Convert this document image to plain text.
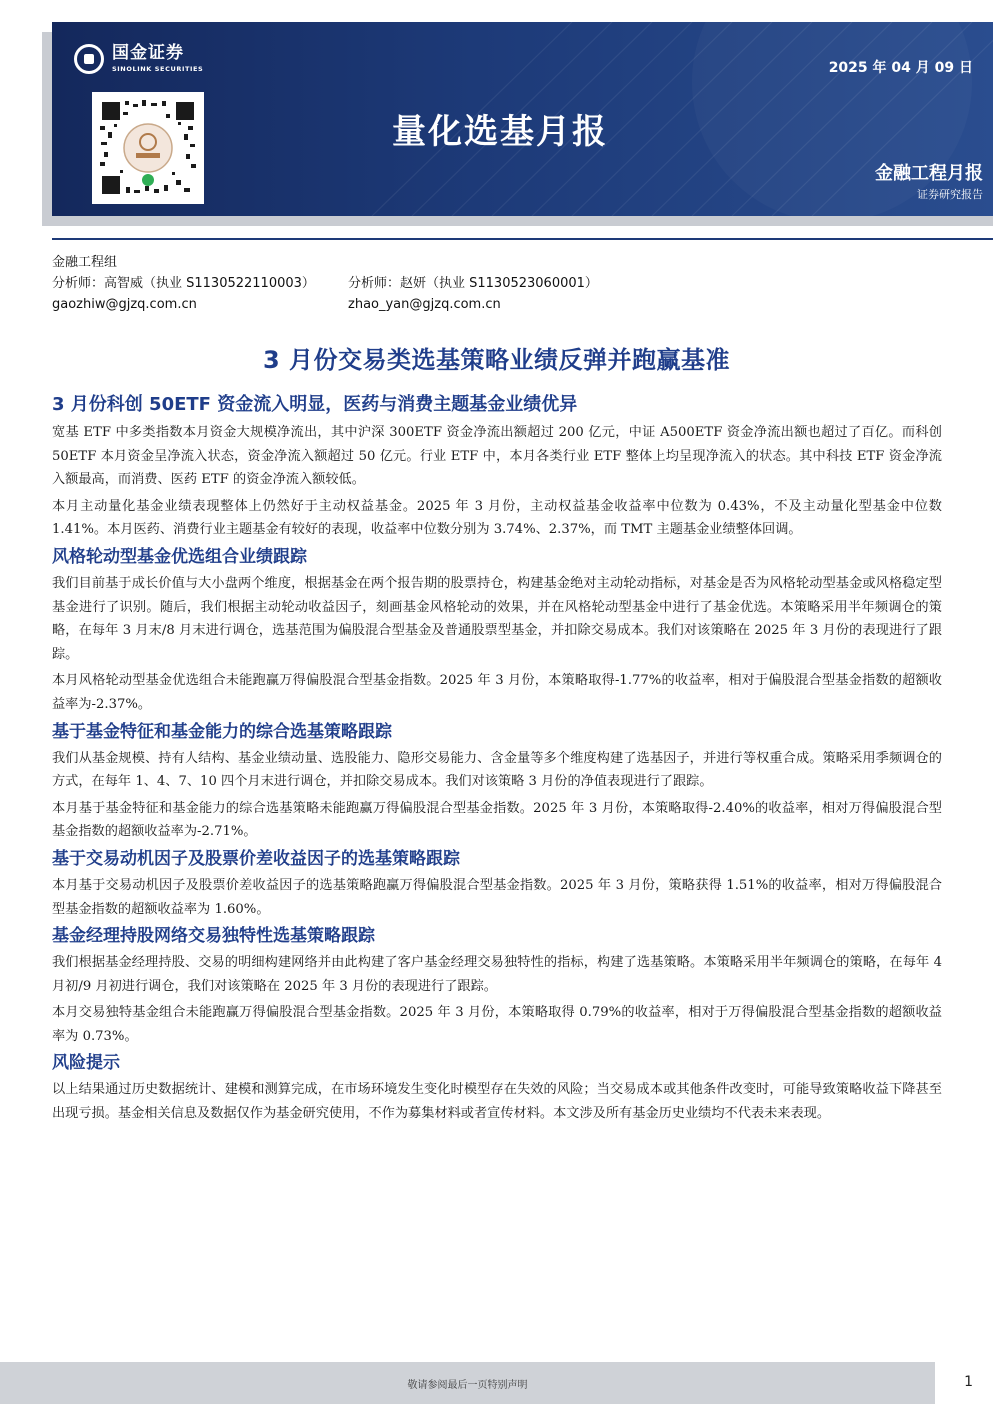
国金证券
SINOLINK SECURITIES
量化选基月报
2025 年 04 月 09 日
金融工程月报
证券研究报告
金融工程组
分析师：高智威（执业 S1130522110003）	分析师：赵妍（执业 S1130523060001）
gaozhiw@gjzq.com.cn	zhao_yan@gjzq.com.cn
3 月份交易类选基策略业绩反弹并跑赢基准
3 月份科创 50ETF 资金流入明显，医药与消费主题基金业绩优异

宽基 ETF 中多类指数本月资金大规模净流出，其中沪深 300ETF 资金净流出额超过 200 亿元，中证 A500ETF 资金净流出额也超过了百亿。而科创 50ETF 本月资金呈净流入状态，资金净流入额超过 50 亿元。行业 ETF 中，本月各类行业 ETF 整体上均呈现净流入的状态。其中科技 ETF 资金净流入额最高，而消费、医药 ETF 的资金净流入额较低。

本月主动量化基金业绩表现整体上仍然好于主动权益基金。2025 年 3 月份，主动权益基金收益率中位数为 0.43%，不及主动量化型基金中位数 1.41%。本月医药、消费行业主题基金有较好的表现，收益率中位数分别为 3.74%、2.37%，而 TMT 主题基金业绩整体回调。

风格轮动型基金优选组合业绩跟踪

我们目前基于成长价值与大小盘两个维度，根据基金在两个报告期的股票持仓，构建基金绝对主动轮动指标，对基金是否为风格轮动型基金或风格稳定型基金进行了识别。随后，我们根据主动轮动收益因子，刻画基金风格轮动的效果，并在风格轮动型基金中进行了基金优选。本策略采用半年频调仓的策略，在每年 3 月末/8 月末进行调仓，选基范围为偏股混合型基金及普通股票型基金，并扣除交易成本。我们对该策略在 2025 年 3 月份的表现进行了跟踪。

本月风格轮动型基金优选组合未能跑赢万得偏股混合型基金指数。2025 年 3 月份，本策略取得-1.77%的收益率，相对于偏股混合型基金指数的超额收益率为-2.37%。

基于基金特征和基金能力的综合选基策略跟踪

我们从基金规模、持有人结构、基金业绩动量、选股能力、隐形交易能力、含金量等多个维度构建了选基因子，并进行等权重合成。策略采用季频调仓的方式，在每年 1、4、7、10 四个月末进行调仓，并扣除交易成本。我们对该策略 3 月份的净值表现进行了跟踪。

本月基于基金特征和基金能力的综合选基策略未能跑赢万得偏股混合型基金指数。2025 年 3 月份，本策略取得-2.40%的收益率，相对万得偏股混合型基金指数的超额收益率为-2.71%。

基于交易动机因子及股票价差收益因子的选基策略跟踪

本月基于交易动机因子及股票价差收益因子的选基策略跑赢万得偏股混合型基金指数。2025 年 3 月份，策略获得 1.51%的收益率，相对万得偏股混合型基金指数的超额收益率为 1.60%。

基金经理持股网络交易独特性选基策略跟踪

我们根据基金经理持股、交易的明细构建网络并由此构建了客户基金经理交易独特性的指标，构建了选基策略。本策略采用半年频调仓的策略，在每年 4 月初/9 月初进行调仓，我们对该策略在 2025 年 3 月份的表现进行了跟踪。

本月交易独特基金组合未能跑赢万得偏股混合型基金指数。2025 年 3 月份，本策略取得 0.79%的收益率，相对于万得偏股混合型基金指数的超额收益率为 0.73%。

风险提示

以上结果通过历史数据统计、建模和测算完成，在市场环境发生变化时模型存在失效的风险；当交易成本或其他条件改变时，可能导致策略收益下降甚至出现亏损。基金相关信息及数据仅作为基金研究使用，不作为募集材料或者宣传材料。本文涉及所有基金历史业绩均不代表未来表现。

敬请参阅最后一页特别声明	1
